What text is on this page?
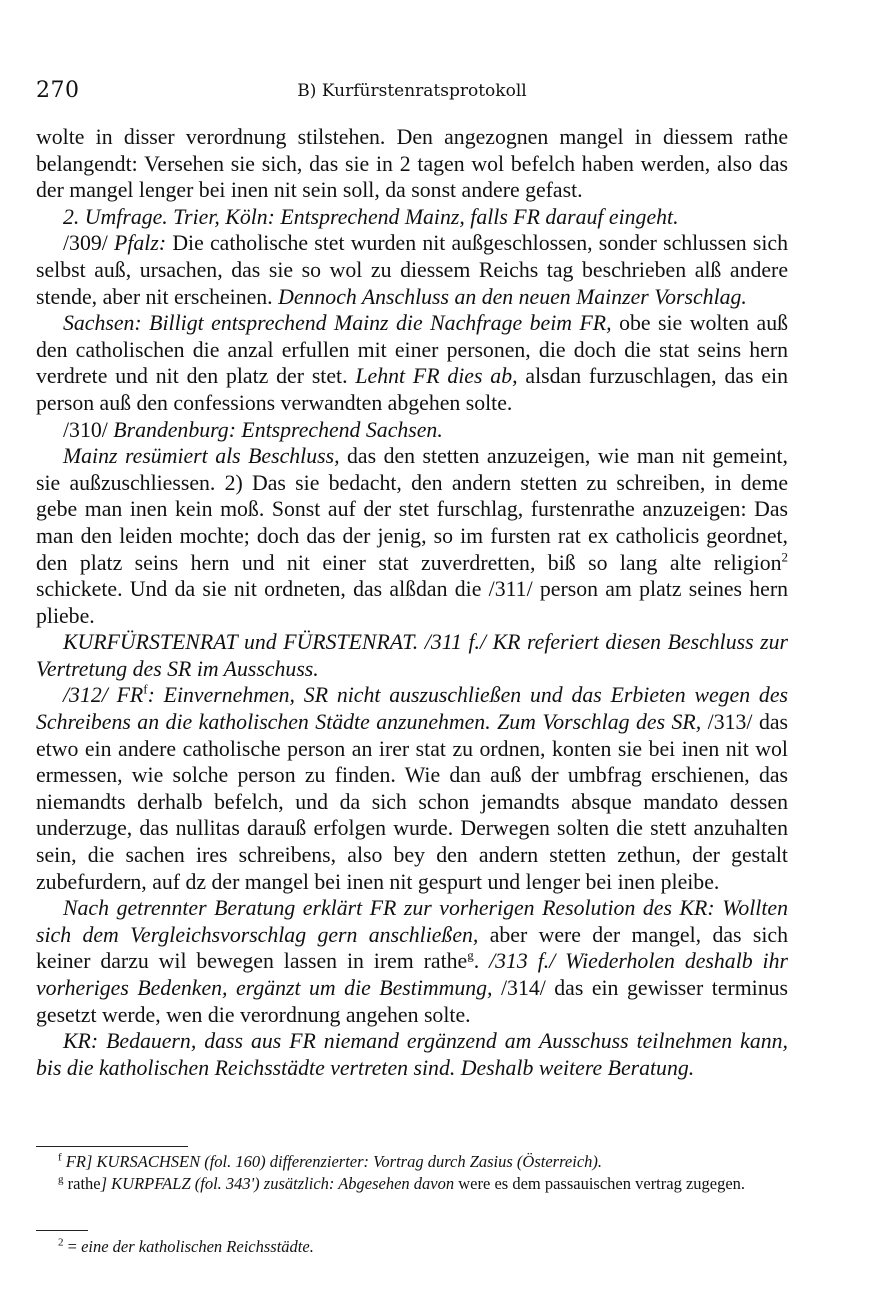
270	B) Kurfürstenratsprotokoll

wolte in disser verordnung stilstehen. Den angezognen mangel in diessem rathe belangendt: Versehen sie sich, das sie in 2 tagen wol befelch haben werden, also das der mangel lenger bei inen nit sein soll, da sonst andere gefast.

2. Umfrage. Trier, Köln: Entsprechend Mainz, falls FR darauf eingeht.

/309/ Pfalz: Die catholische stet wurden nit außgeschlossen, sonder schlussen sich selbst auß, ursachen, das sie so wol zu diessem Reichs tag beschrieben alß andere stende, aber nit erscheinen. Dennoch Anschluss an den neuen Mainzer Vorschlag.

Sachsen: Billigt entsprechend Mainz die Nachfrage beim FR, obe sie wolten auß den catholischen die anzal erfullen mit einer personen, die doch die stat seins hern verdrete und nit den platz der stet. Lehnt FR dies ab, alsdan furzuschlagen, das ein person auß den confessions verwandten abgehen solte.

/310/ Brandenburg: Entsprechend Sachsen.

Mainz resümiert als Beschluss, das den stetten anzuzeigen, wie man nit gemeint, sie außzuschliessen. 2) Das sie bedacht, den andern stetten zu schreiben, in deme gebe man inen kein moß. Sonst auf der stet furschlag, furstenrathe anzuzeigen: Das man den leiden mochte; doch das der jenig, so im fursten rat ex catholicis geordnet, den platz seins hern und nit einer stat zuverdretten, biß so lang alte religion$^2$ schickete. Und da sie nit ordneten, das alßdan die /311/ person am platz seines hern pliebe.

KURFÜRSTENRAT und FÜRSTENRAT. /311 f./ KR referiert diesen Beschluss zur Vertretung des SR im Ausschuss.

/312/ $FR^f$: Einvernehmen, SR nicht auszuschließen und das Erbieten wegen des Schreibens an die katholischen Städte anzunehmen. Zum Vorschlag des SR, /313/ das etwo ein andere catholische person an irer stat zu ordnen, konten sie bei inen nit wol ermessen, wie solche person zu finden. Wie dan auß der umbfrag erschienen, das niemandts derhalb befelch, und da sich schon jemandts absque mandato dessen underzuge, das nullitas darauß erfolgen wurde. Derwegen solten die stett anzuhalten sein, die sachen ires schreibens, also bey den andern stetten zethun, der gestalt zubefurdern, auf dz der mangel bei inen nit gespurt und lenger bei inen pleibe.

Nach getrennter Beratung erklärt FR zur vorherigen Resolution des KR: Wollten sich dem Vergleichsvorschlag gern anschließen, aber were der mangel, das sich keiner darzu wil bewegen lassen in irem rathe$^g$. /313 f./ Wiederholen deshalb ihr vorheriges Bedenken, ergänzt um die Bestimmung, /314/ das ein gewisser terminus gesetzt werde, wen die verordnung angehen solte.

KR: Bedauern, dass aus FR niemand ergänzend am Ausschuss teilnehmen kann, bis die katholischen Reichsstädte vertreten sind. Deshalb weitere Beratung.

$^f$ FR] KURSACHSEN (fol. 160) differenzierter: Vortrag durch Zasius (Österreich).

$^g$ rathe] KURPFALZ (fol. 343') zusätzlich: Abgesehen davon were es dem passauischen vertrag zugegen.

$^2$ = eine der katholischen Reichsstädte.
